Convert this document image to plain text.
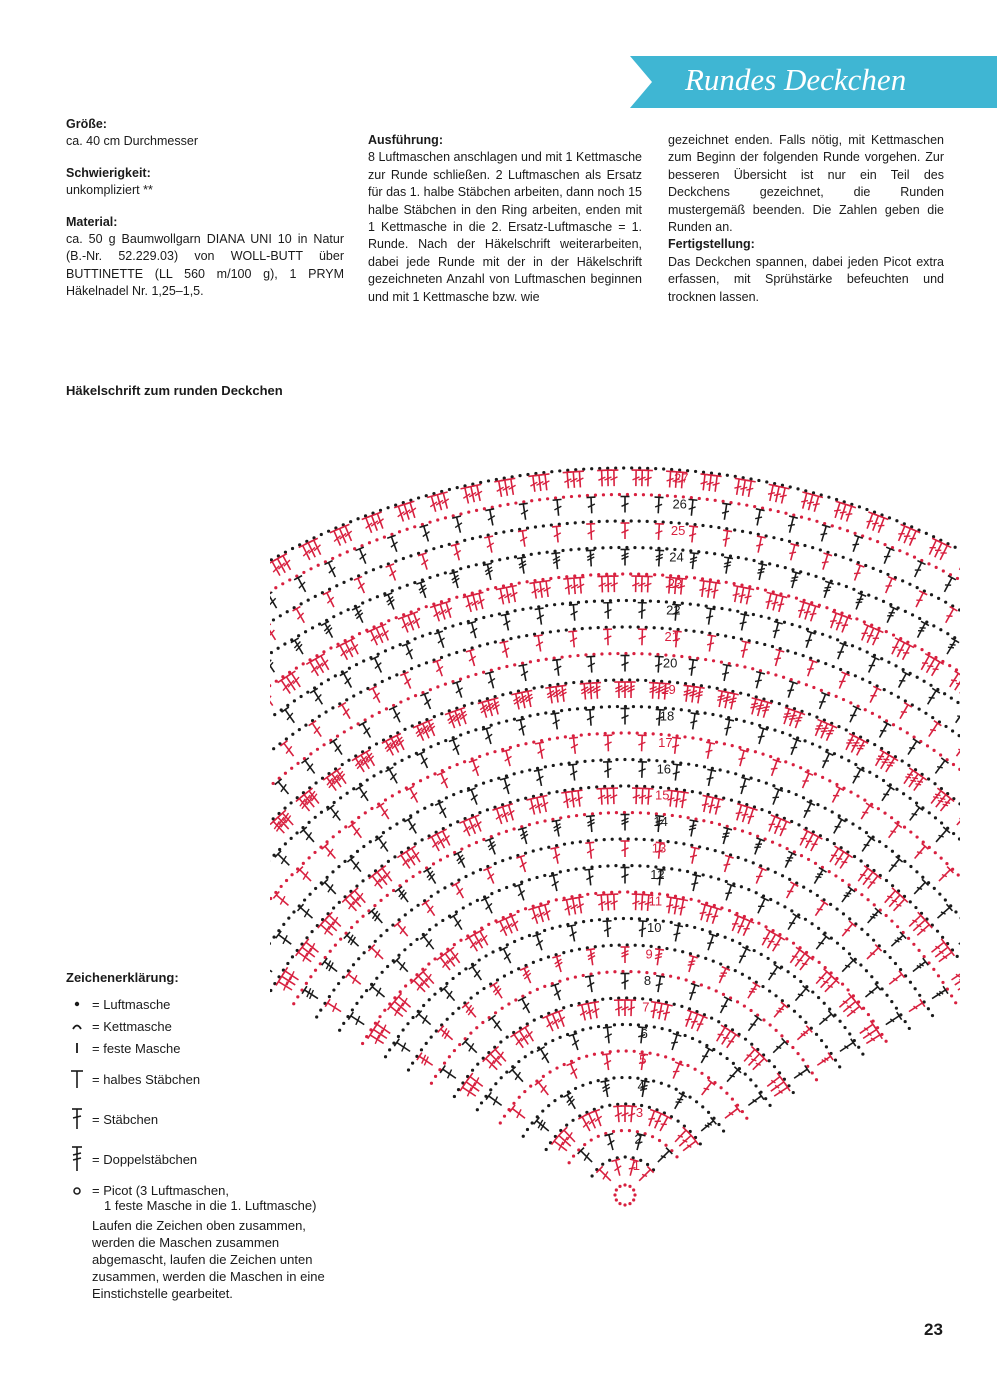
Rundes Deckchen

Größe:

ca. 40 cm Durchmesser

Schwierigkeit:

unkompliziert **

Material:

ca. 50 g Baumwollgarn DIANA UNI 10 in Natur (B.-Nr. 52.229.03) von WOLL-BUTT über BUTTINETTE (LL 560 m/100 g), 1 PRYM Häkelnadel Nr. 1,25–1,5.

Ausführung:

8 Luftmaschen anschlagen und mit 1 Kettmasche zur Runde schließen. 2 Luftmaschen als Ersatz für das 1. halbe Stäbchen arbeiten, dann noch 15 halbe Stäbchen in den Ring arbeiten, enden mit 1 Kettmasche in die 2. Ersatz-Luftmasche = 1. Runde. Nach der Häkelschrift weiterarbeiten, dabei jede Runde mit der in der Häkelschrift gezeichneten Anzahl von Luftmaschen beginnen und mit 1 Kettmasche bzw. wie

gezeichnet enden. Falls nötig, mit Kettmaschen zum Beginn der folgenden Runde vorgehen. Zur besseren Übersicht ist nur ein Teil des Deckchens gezeichnet, die Runden mustergemäß beenden. Die Zahlen geben die Runden an.

Fertigstellung:

Das Deckchen spannen, dabei jeden Picot extra erfassen, mit Sprühstärke befeuchten und trocknen lassen.

Häkelschrift zum runden Deckchen
1
2
3
4
5
6
7
8
9
10
11
12
13
14
15
16
17
18
19
20
21
22
23
24
25
26
27

Zeichenerklärung:

= Luftmasche
= Kettmasche
= feste Masche
= halbes Stäbchen
= Stäbchen
= Doppelstäbchen
= Picot (3 Luftmaschen,
1 feste Masche in die 1. Luftmasche)
Laufen die Zeichen oben zusammen, werden die Maschen zusammen abgemascht, laufen die Zeichen unten zusammen, werden die Maschen in eine Einstichstelle gearbeitet.
23
